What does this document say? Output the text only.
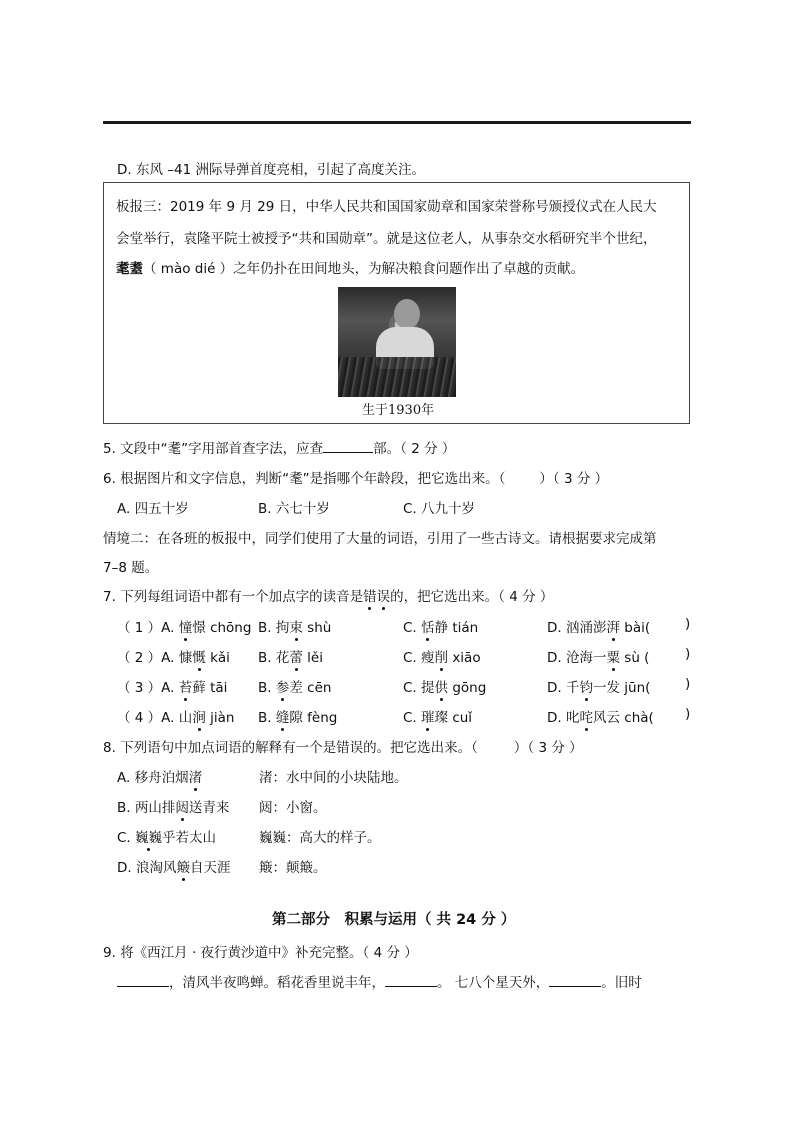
D. 东风 –41 洲际导弹首度亮相，引起了高度关注。
板报三：2019 年 9 月 29 日，中华人民共和国国家勋章和国家荣誉称号颁授仪式在人民大
会堂举行，袁隆平院士被授予“共和国勋章”。就是这位老人，从事杂交水稻研究半个世纪，
耄耋（ mào dié ）之年仍扑在田间地头，为解决粮食问题作出了卓越的贡献。
生于1930年
5. 文段中“耄”字用部首查字法，应查	部。（ 2 分 ）
6. 根据图片和文字信息，判断“耄”是指哪个年龄段，把它选出来。（	）（ 3 分 ）
A. 四五十岁	B. 六七十岁	C. 八九十岁
情境二：在各班的板报中，同学们使用了大量的词语，引用了一些古诗文。请根据要求完成第
7–8 题。
7. 下列每组词语中都有一个加点字的读音是错误的，把它选出来。（ 4 分 ）
（ 1 ）A. 憧憬 chōng B. 拘束 shù	C. 恬静 tián	D. 汹涌澎湃 bài(	)
（ 2 ）A. 慷慨 kǎi B. 花蕾 lěi	C. 瘦削 xiāo	D. 沧海一粟 sù (	)
（ 3 ）A. 苔藓 tāi B. 参差 cēn	C. 提供 gōng	D. 千钧一发 jūn(	)
（ 4 ）A. 山涧 jiàn B. 缝隙 fèng	C. 璀璨 cuǐ	D. 叱咤风云 chà( )
8. 下列语句中加点词语的解释有一个是错误的。把它选出来。（	）（ 3 分 ）
A. 移舟泊烟渚	渚：水中间的小块陆地。
B. 两山排闼送青来 闼：小窗。
C. 巍巍乎若太山	巍巍：高大的样子。
D. 浪淘风簸自天涯 簸：颠簸。
第二部分　积累与运用（ 共 24 分 ）
9. 将《西江月 · 夜行黄沙道中》补充完整。（ 4 分 ）
，清风半夜鸣蝉。稻花香里说丰年，	。 七八个星天外，	。旧时
